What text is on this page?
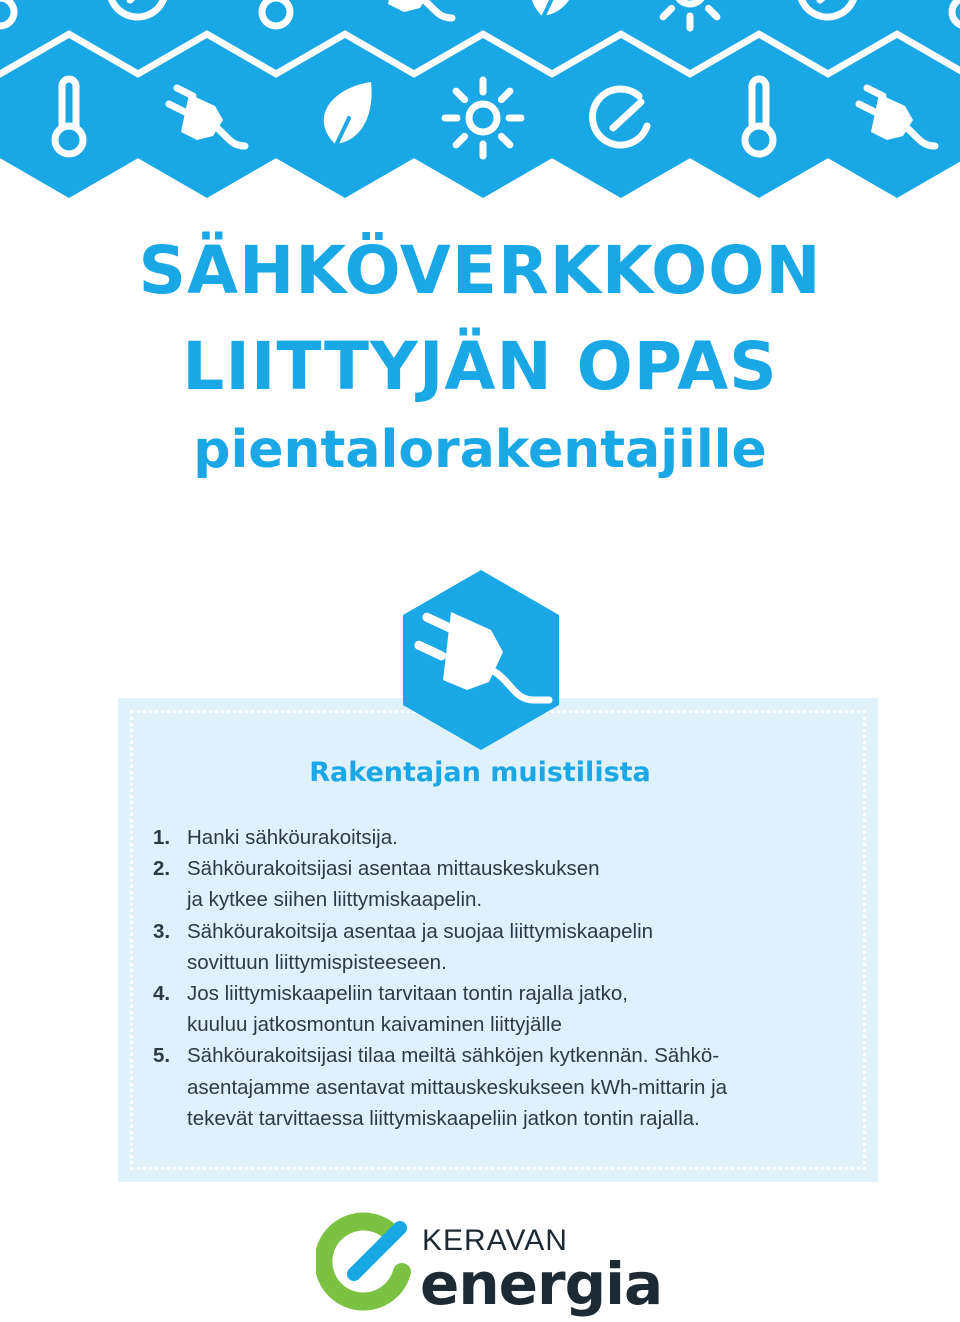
SÄHKÖVERKKOON
LIITTYJÄN OPAS
pientalorakentajille

Rakentajan muistilista

1. Hanki sähköurakoitsija.
2. Sähköurakoitsijasi asentaa mittauskeskuksen
ja kytkee siihen liittymiskaapelin.
3. Sähköurakoitsija asentaa ja suojaa liittymiskaapelin
sovittuun liittymispisteeseen.
4. Jos liittymiskaapeliin tarvitaan tontin rajalla jatko,
kuuluu jatkosmontun kaivaminen liittyjälle
5. Sähköurakoitsijasi tilaa meiltä sähköjen kytkennän. Sähkö-
asentajamme asentavat mittauskeskukseen kWh-mittarin ja
tekevät tarvittaessa liittymiskaapeliin jatkon tontin rajalla.

KERAVAN

energia
